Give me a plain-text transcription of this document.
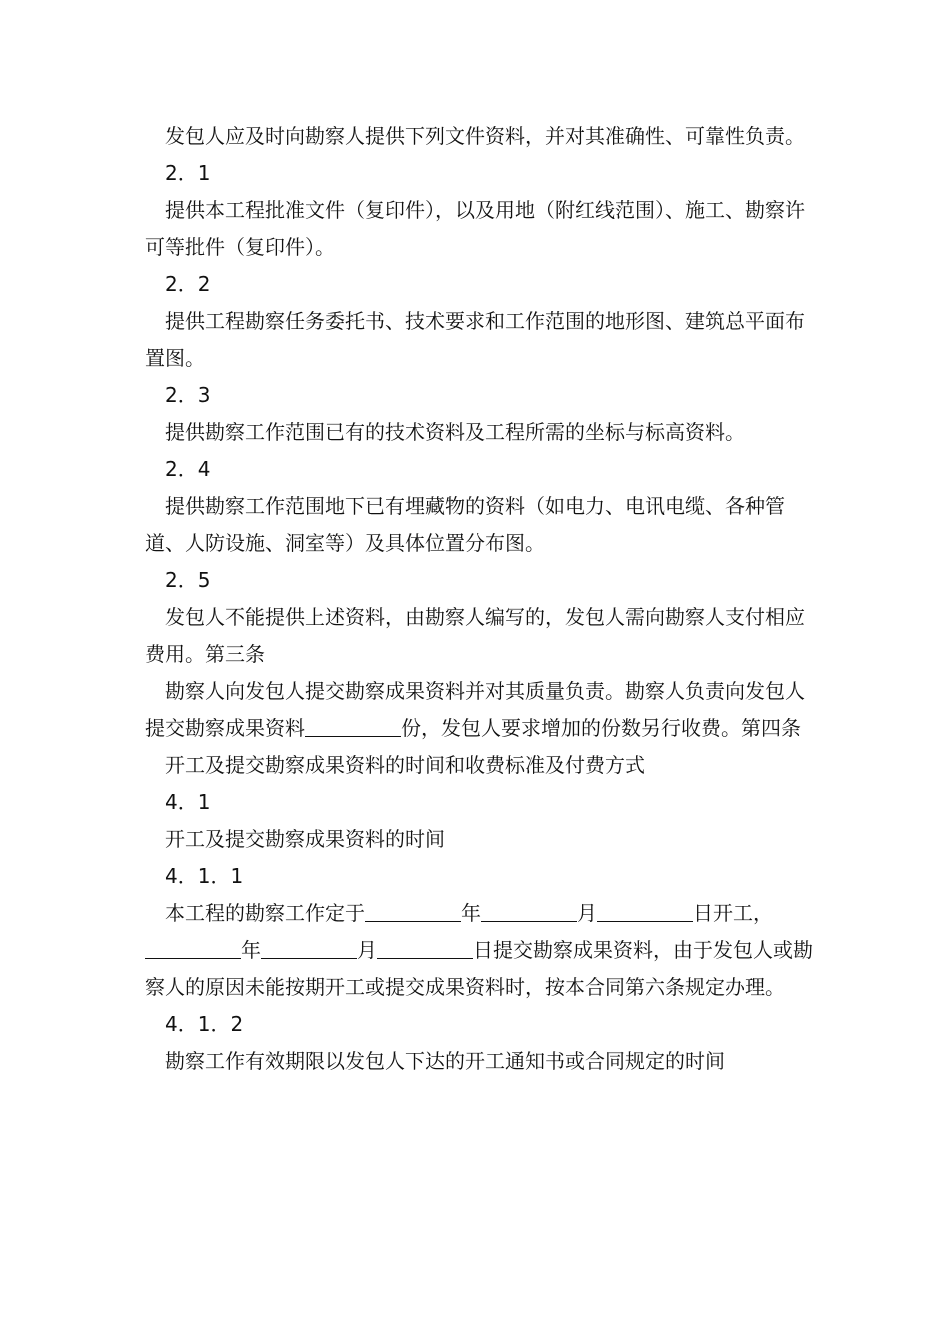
发包人应及时向勘察人提供下列文件资料，并对其准确性、可靠性负责。

2．1

提供本工程批准文件（复印件），以及用地（附红线范围）、施工、勘察许可等批件（复印件）。

2．2

提供工程勘察任务委托书、技术要求和工作范围的地形图、建筑总平面布置图。

2．3

提供勘察工作范围已有的技术资料及工程所需的坐标与标高资料。

2．4

提供勘察工作范围地下已有埋藏物的资料（如电力、电讯电缆、各种管道、人防设施、洞室等）及具体位置分布图。

2．5

发包人不能提供上述资料，由勘察人编写的，发包人需向勘察人支付相应费用。第三条

勘察人向发包人提交勘察成果资料并对其质量负责。勘察人负责向发包人提交勘察成果资料	份，发包人要求增加的份数另行收费。第四条

开工及提交勘察成果资料的时间和收费标准及付费方式

4．1

开工及提交勘察成果资料的时间

4．1．1

本工程的勘察工作定于	年	月	日开工，年	月	日提交勘察成果资料，由于发包人或勘察人的原因未能按期开工或提交成果资料时，按本合同第六条规定办理。

4．1．2

勘察工作有效期限以发包人下达的开工通知书或合同规定的时间
